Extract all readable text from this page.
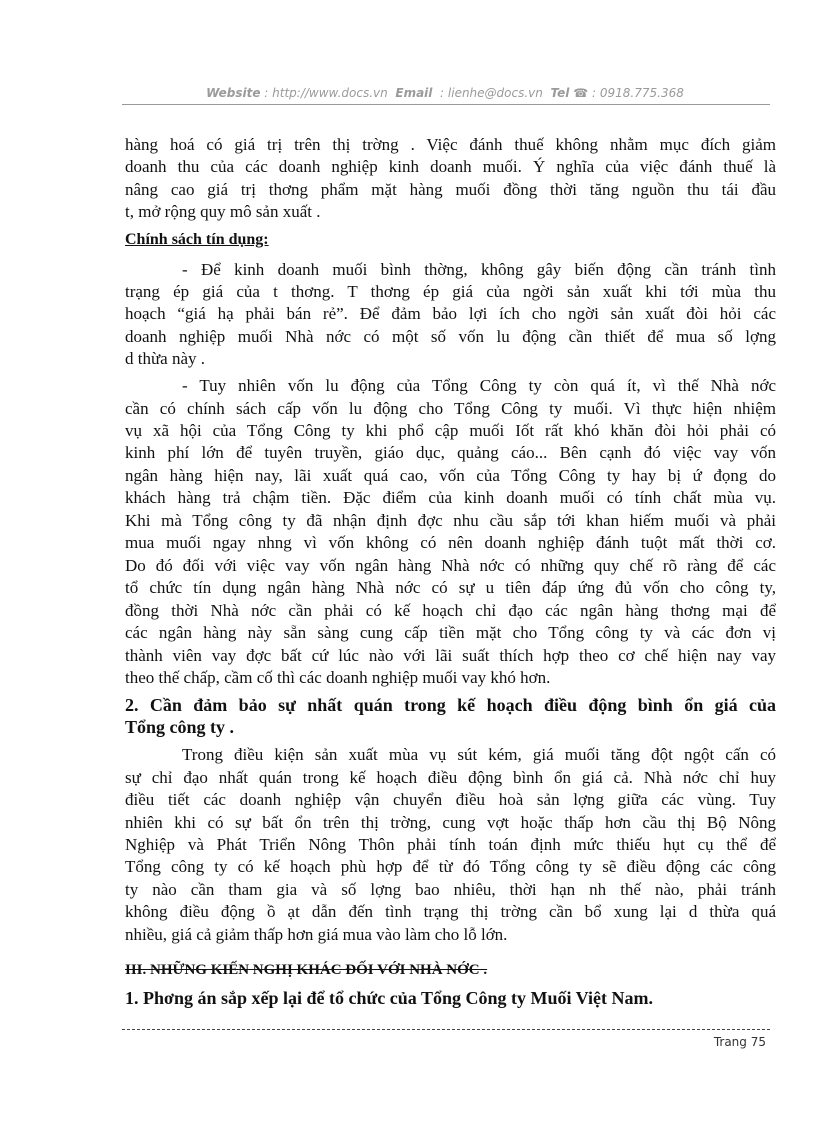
Website : http://www.docs.vn Email : lienhe@docs.vn Tel ☎ : 0918.775.368
hàng hoá có giá trị trên thị trờng . Việc đánh thuế không nhằm mục đích giảm
doanh thu của các doanh nghiệp kinh doanh muối. Ý nghĩa của việc đánh thuế là
nâng cao giá trị thơng phẩm mặt hàng muối đồng thời tăng nguồn thu tái đầu
t, mở rộng quy mô sản xuất .
Chính sách tín dụng:
- Để kinh doanh muối bình thờng, không gây biến động cần tránh tình
trạng ép giá của t thơng. T thơng ép giá của ngời sản xuất khi tới mùa thu
hoạch “giá hạ phải bán rẻ”. Để đảm bảo lợi ích cho ngời sản xuất đòi hỏi các
doanh nghiệp muối Nhà nớc có một số vốn lu động cần thiết để mua số lợng
d thừa này .
- Tuy nhiên vốn lu động của Tổng Công ty còn quá ít, vì thế Nhà nớc
cần có chính sách cấp vốn lu động cho Tổng Công ty muối. Vì thực hiện nhiệm
vụ xã hội của Tổng Công ty khi phổ cập muối Iốt rất khó khăn đòi hỏi phải có
kinh phí lớn để tuyên truyền, giáo dục, quảng cáo... Bên cạnh đó việc vay vốn
ngân hàng hiện nay, lãi xuất quá cao, vốn của Tổng Công ty hay bị ứ đọng do
khách hàng trả chậm tiền. Đặc điểm của kinh doanh muối có tính chất mùa vụ.
Khi mà Tổng công ty đã nhận định đợc nhu cầu sắp tới khan hiếm muối và phải
mua muối ngay nhng vì vốn không có nên doanh nghiệp đánh tuột mất thời cơ.
Do đó đối với việc vay vốn ngân hàng Nhà nớc có những quy chế rõ ràng để các
tổ chức tín dụng ngân hàng Nhà nớc có sự u tiên đáp ứng đủ vốn cho công ty,
đồng thời Nhà nớc cần phải có kế hoạch chỉ đạo các ngân hàng thơng mại để
các ngân hàng này sẵn sàng cung cấp tiền mặt cho Tổng công ty và các đơn vị
thành viên vay đợc bất cứ lúc nào với lãi suất thích hợp theo cơ chế hiện nay vay
theo thế chấp, cầm cố thì các doanh nghiệp muối vay khó hơn.
2. Cần đảm bảo sự nhất quán trong kế hoạch điều động bình ổn giá của
Tổng công ty .
Trong điều kiện sản xuất mùa vụ sút kém, giá muối tăng đột ngột cấn có
sự chỉ đạo nhất quán trong kế hoạch điều động bình ổn giá cả. Nhà nớc chỉ huy
điều tiết các doanh nghiệp vận chuyển điều hoà sản lợng giữa các vùng. Tuy
nhiên khi có sự bất ổn trên thị trờng, cung vợt hoặc thấp hơn cầu thị Bộ Nông
Nghiệp và Phát Triển Nông Thôn phải tính toán định mức thiếu hụt cụ thể để
Tổng công ty có kế hoạch phù hợp để từ đó Tổng công ty sẽ điều động các công
ty nào cần tham gia và số lợng bao nhiêu, thời hạn nh thế nào, phải tránh
không điều động ồ ạt dẫn đến tình trạng thị trờng cần bổ xung lại d thừa quá
nhiều, giá cả giảm thấp hơn giá mua vào làm cho lỗ lớn.
III. NHỮNG KIẾN NGHỊ KHÁC ĐỐI VỚI NHÀ NỚC .
1. Phơng án sắp xếp lại để tổ chức của Tổng Công ty Muối Việt Nam.
Trang 75
